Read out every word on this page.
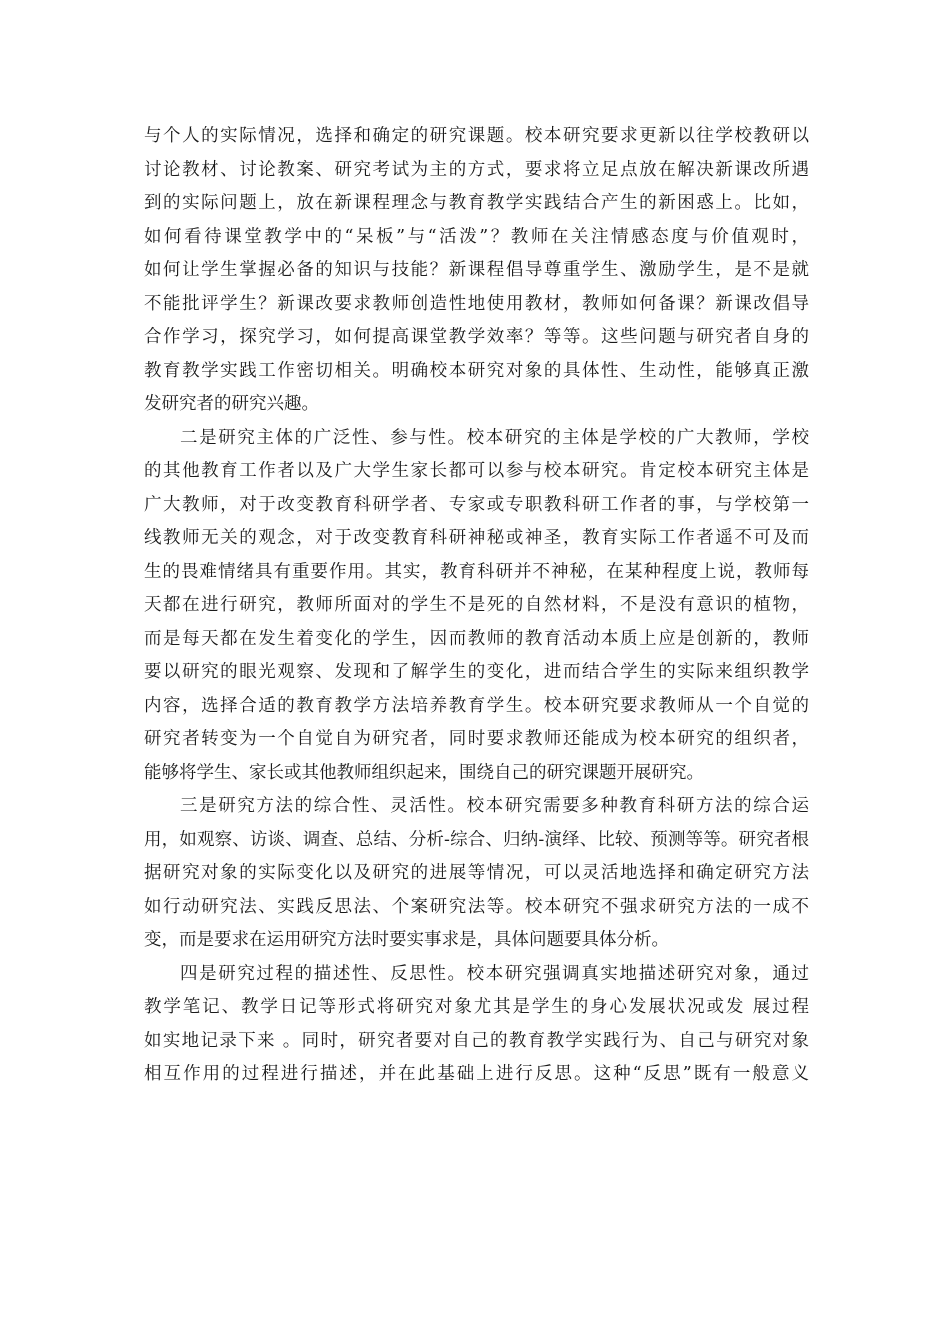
与个人的实际情况，选择和确定的研究课题。校本研究要求更新以往学校教研以
讨论教材、讨论教案、研究考试为主的方式，要求将立足点放在解决新课改所遇
到的实际问题上，放在新课程理念与教育教学实践结合产生的新困惑上。比如，
如何看待课堂教学中的“呆板”与“活泼”？教师在关注情感态度与价值观时，
如何让学生掌握必备的知识与技能？新课程倡导尊重学生、激励学生，是不是就
不能批评学生？新课改要求教师创造性地使用教材，教师如何备课？新课改倡导
合作学习，探究学习，如何提高课堂教学效率？等等。这些问题与研究者自身的
教育教学实践工作密切相关。明确校本研究对象的具体性、生动性，能够真正激
发研究者的研究兴趣。
二是研究主体的广泛性、参与性。校本研究的主体是学校的广大教师，学校
的其他教育工作者以及广大学生家长都可以参与校本研究。肯定校本研究主体是
广大教师，对于改变教育科研学者、专家或专职教科研工作者的事，与学校第一
线教师无关的观念，对于改变教育科研神秘或神圣，教育实际工作者遥不可及而
生的畏难情绪具有重要作用。其实，教育科研并不神秘，在某种程度上说，教师每
天都在进行研究，教师所面对的学生不是死的自然材料，不是没有意识的植物，
而是每天都在发生着变化的学生，因而教师的教育活动本质上应是创新的，教师
要以研究的眼光观察、发现和了解学生的变化，进而结合学生的实际来组织教学
内容，选择合适的教育教学方法培养教育学生。校本研究要求教师从一个自觉的
研究者转变为一个自觉自为研究者，同时要求教师还能成为校本研究的组织者，
能够将学生、家长或其他教师组织起来，围绕自己的研究课题开展研究。
三是研究方法的综合性、灵活性。校本研究需要多种教育科研方法的综合运
用，如观察、访谈、调查、总结、分析-综合、归纳-演绎、比较、预测等等。研究者根
据研究对象的实际变化以及研究的进展等情况，可以灵活地选择和确定研究方法
如行动研究法、实践反思法、个案研究法等。校本研究不强求研究方法的一成不
变，而是要求在运用研究方法时要实事求是，具体问题要具体分析。
四是研究过程的描述性、反思性。校本研究强调真实地描述研究对象，通过
教学笔记、教学日记等形式将研究对象尤其是学生的身心发展状况或发 展过程
如实地记录下来 。同时，研究者要对自己的教育教学实践行为、自己与研究对象
相互作用的过程进行描述，并在此基础上进行反思。这种“反思”既有一般意义
